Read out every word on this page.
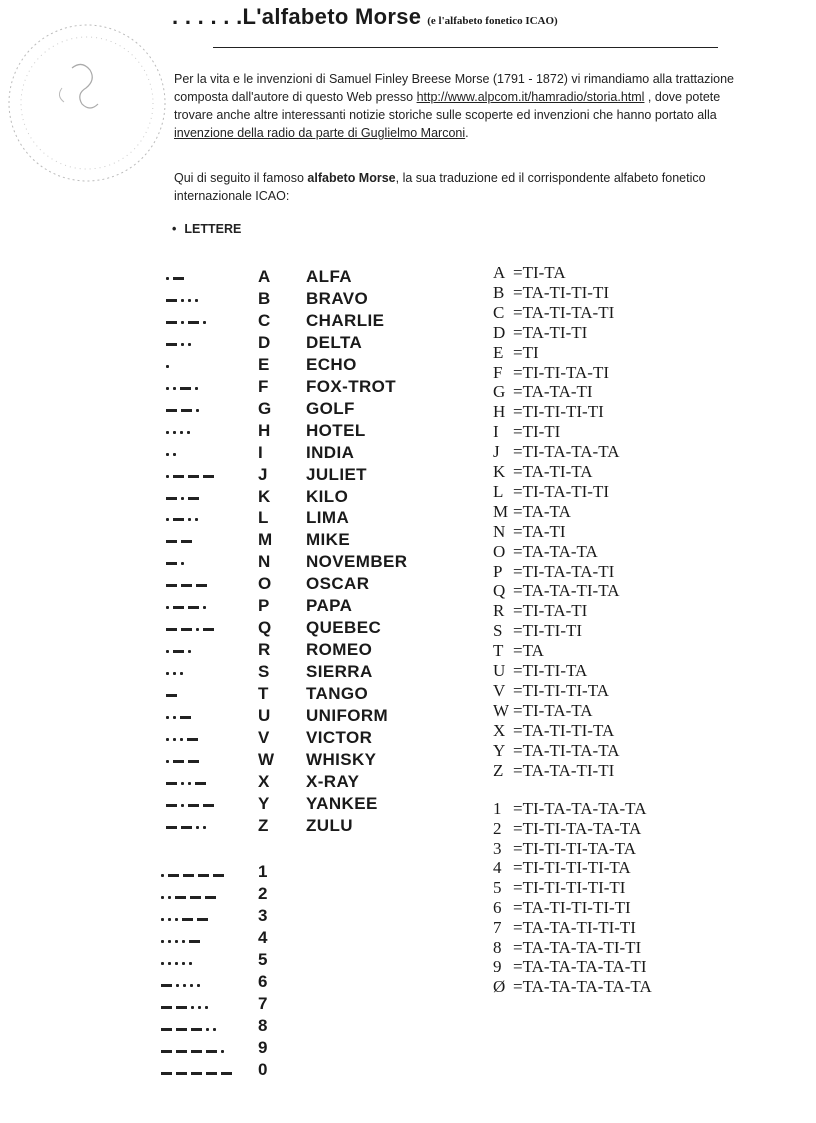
. . . . . .L'alfabeto Morse (e l'alfabeto fonetico ICAO)
Per la vita e le invenzioni di Samuel Finley Breese Morse (1791 - 1872) vi rimandiamo alla trattazione composta dall'autore di questo Web presso http://www.alpcom.it/hamradio/storia.html , dove potete trovare anche altre interessanti notizie storiche sulle scoperte ed invenzioni che hanno portato alla invenzione della radio da parte di Guglielmo Marconi.
Qui di seguito il famoso alfabeto Morse, la sua traduzione ed il corrispondente alfabeto fonetico internazionale ICAO:
• LETTERE
A	ALFA
B	BRAVO
C	CHARLIE
D	DELTA
E	ECHO
F	FOX-TROT
G	GOLF
H	HOTEL
I	INDIA
J	JULIET
K	KILO
L	LIMA
M	MIKE
N	NOVEMBER
O	OSCAR
P	PAPA
Q	QUEBEC
R	ROMEO
S	SIERRA
T	TANGO
U	UNIFORM
V	VICTOR
W WHISKY
X	X-RAY
Y	YANKEE
Z	ZULU
1
2
3
4
5
6
7
8
9
0
A =TI-TA
B =TA-TI-TI-TI
C =TA-TI-TA-TI
D =TA-TI-TI
E =TI
F =TI-TI-TA-TI
G =TA-TA-TI
H =TI-TI-TI-TI
I =TI-TI
J =TI-TA-TA-TA
K =TA-TI-TA
L =TI-TA-TI-TI
M =TA-TA
N =TA-TI
O =TA-TA-TA
P =TI-TA-TA-TI
Q =TA-TA-TI-TA
R =TI-TA-TI
S =TI-TI-TI
T =TA
U =TI-TI-TA
V =TI-TI-TI-TA
W =TI-TA-TA
X =TA-TI-TI-TA
Y =TA-TI-TA-TA
Z =TA-TA-TI-TI
1 =TI-TA-TA-TA-TA
2 =TI-TI-TA-TA-TA
3 =TI-TI-TI-TA-TA
4 =TI-TI-TI-TI-TA
5 =TI-TI-TI-TI-TI
6 =TA-TI-TI-TI-TI
7 =TA-TA-TI-TI-TI
8 =TA-TA-TA-TI-TI
9 =TA-TA-TA-TA-TI
Ø =TA-TA-TA-TA-TA
